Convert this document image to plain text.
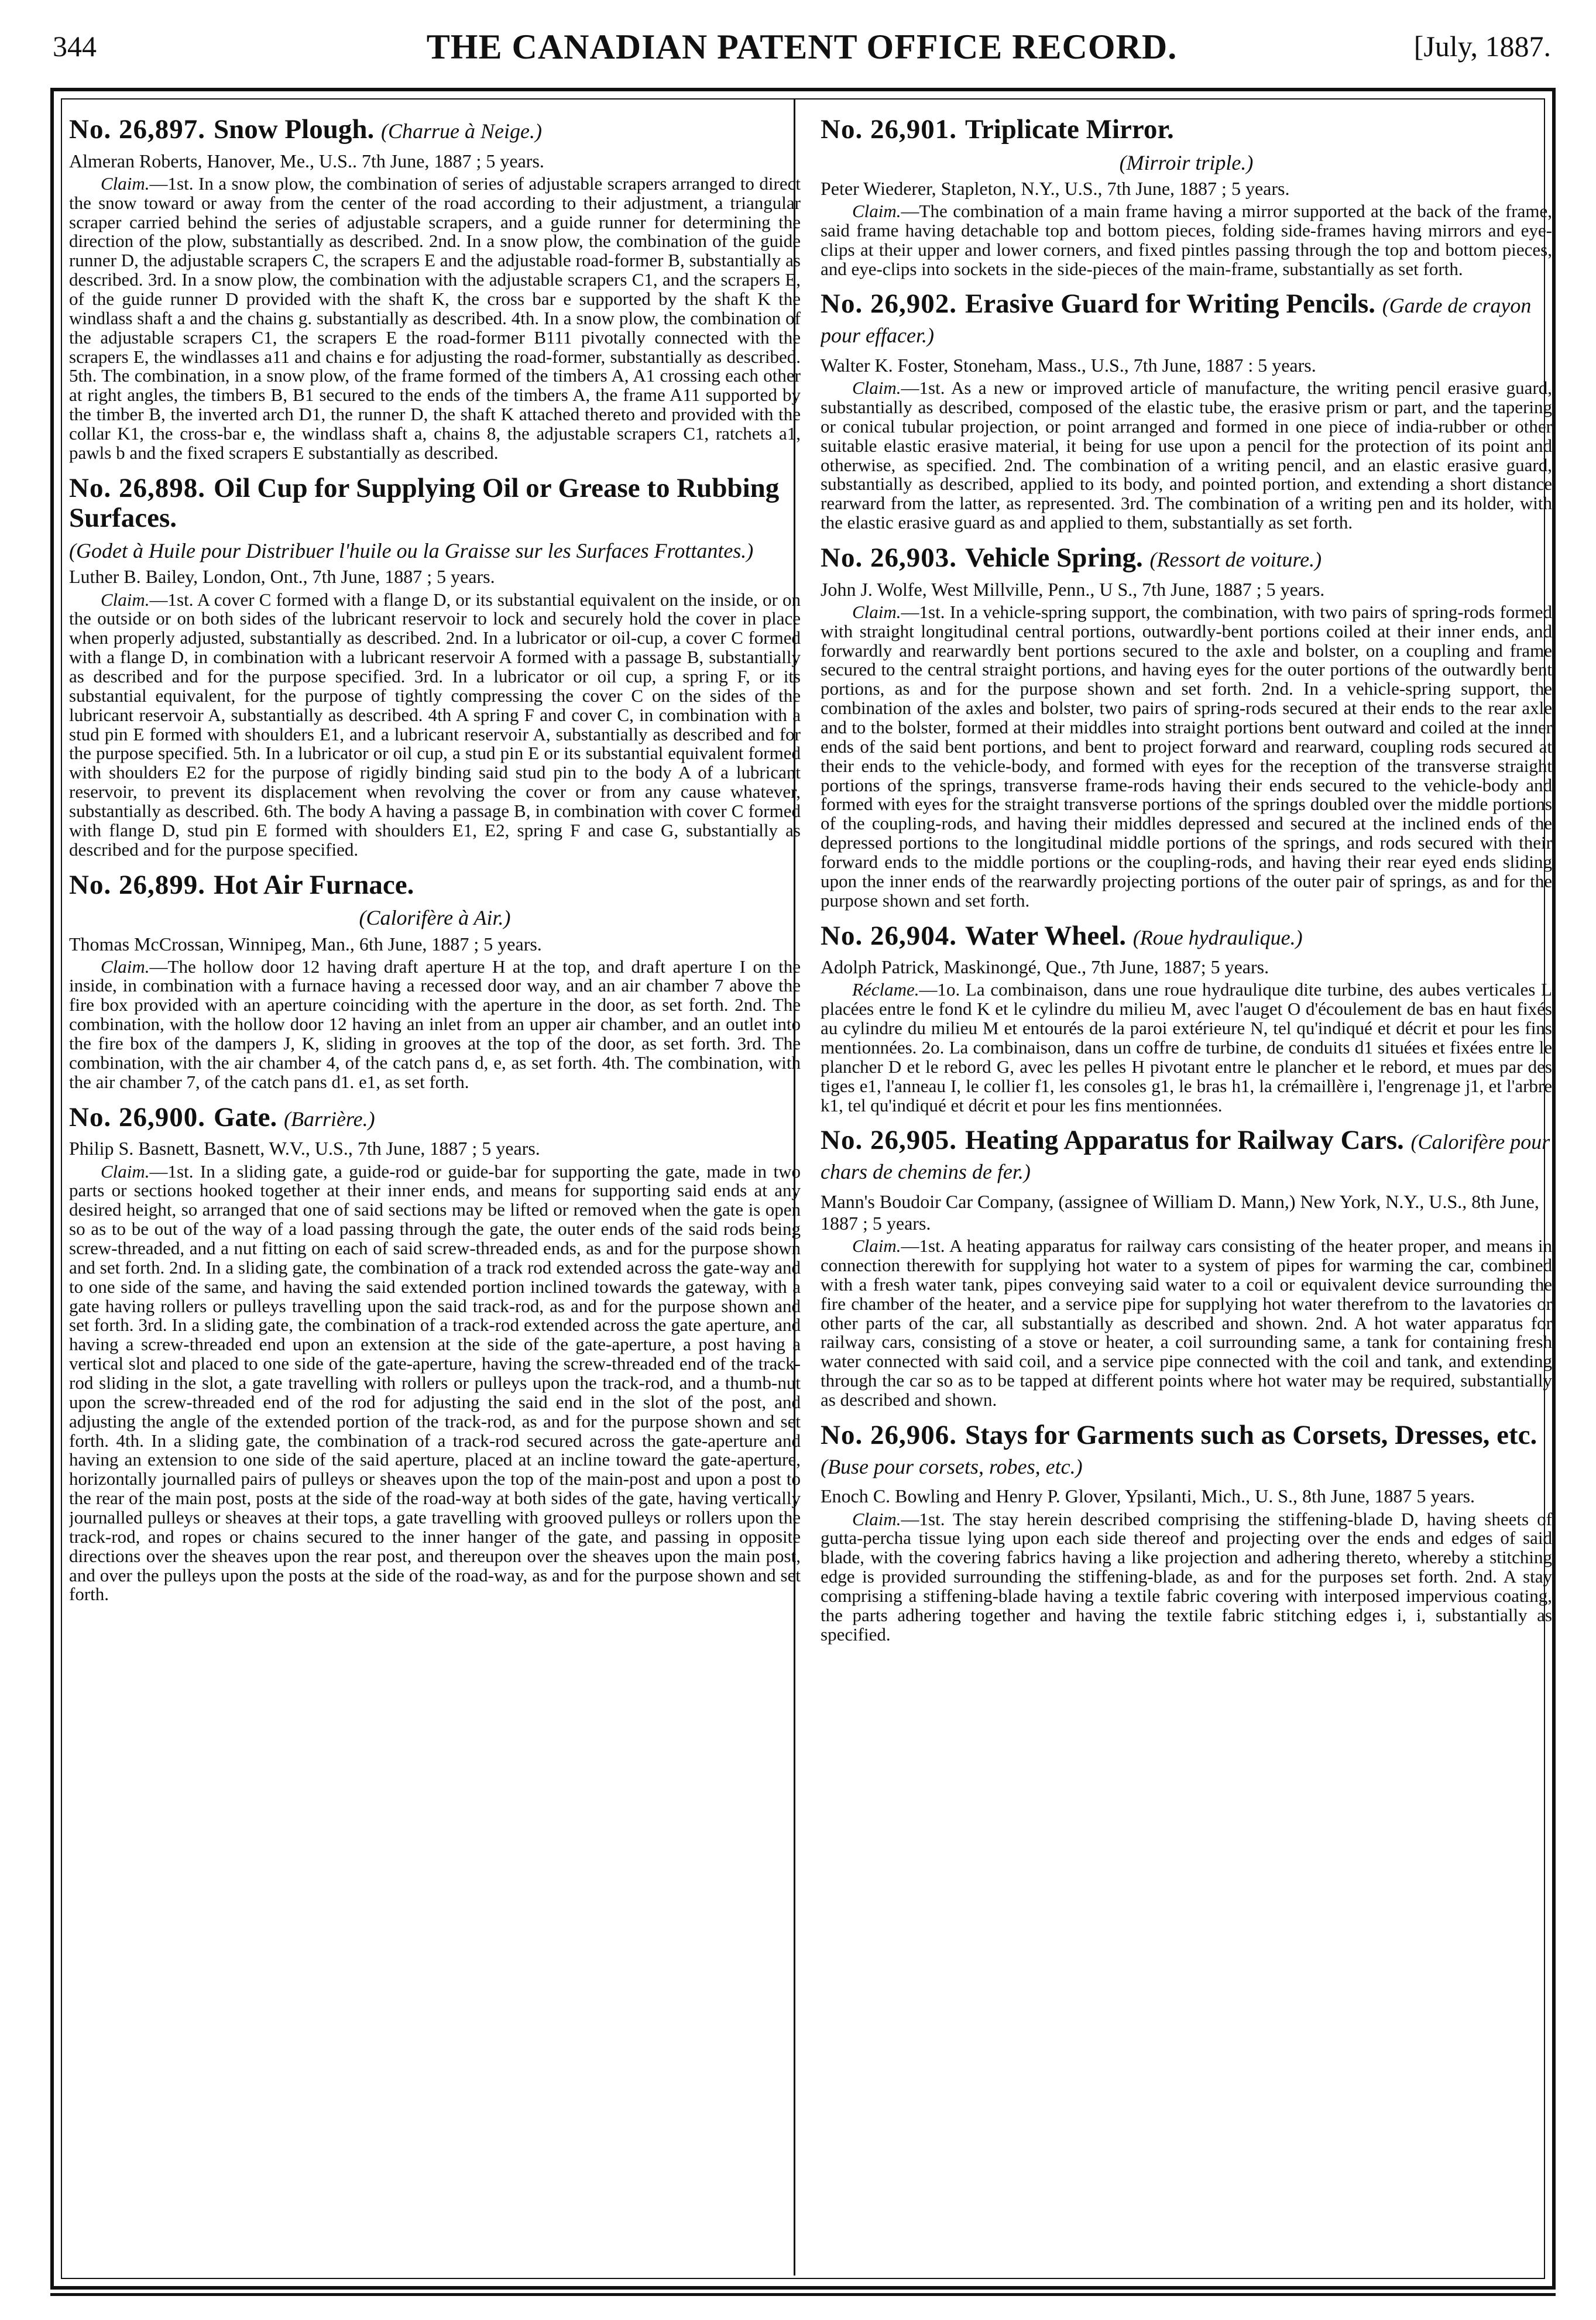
344	THE CANADIAN PATENT OFFICE RECORD.	[July, 1887.
No. 26,897. Snow Plough. (Charrue à Neige.)

Almeran Roberts, Hanover, Me., U.S.. 7th June, 1887 ; 5 years.

Claim.—1st. In a snow plow, the combination of series of adjustable scrapers arranged to direct the snow toward or away from the center of the road according to their adjustment, a triangular scraper carried behind the series of adjustable scrapers, and a guide runner for determining the direction of the plow, substantially as described. 2nd. In a snow plow, the combination of the guide runner D, the adjustable scrapers C, the scrapers E and the adjustable road-former B, substantially as described. 3rd. In a snow plow, the combination with the adjustable scrapers C1, and the scrapers E, of the guide runner D provided with the shaft K, the cross bar e supported by the shaft K the windlass shaft a and the chains g. substantially as described. 4th. In a snow plow, the combination of the adjustable scrapers C1, the scrapers E the road-former B111 pivotally connected with the scrapers E, the windlasses a11 and chains e for adjusting the road-former, substantially as described. 5th. The combination, in a snow plow, of the frame formed of the timbers A, A1 crossing each other at right angles, the timbers B, B1 secured to the ends of the timbers A, the frame A11 supported by the timber B, the inverted arch D1, the runner D, the shaft K attached thereto and provided with the collar K1, the cross-bar e, the windlass shaft a, chains 8, the adjustable scrapers C1, ratchets a1, pawls b and the fixed scrapers E substantially as described.

No. 26,898. Oil Cup for Supplying Oil or Grease to Rubbing Surfaces.

(Godet à Huile pour Distribuer l'huile ou la Graisse sur les Surfaces Frottantes.)

Luther B. Bailey, London, Ont., 7th June, 1887 ; 5 years.

Claim.—1st. A cover C formed with a flange D, or its substantial equivalent on the inside, or on the outside or on both sides of the lubricant reservoir to lock and securely hold the cover in place when properly adjusted, substantially as described. 2nd. In a lubricator or oil-cup, a cover C formed with a flange D, in combination with a lubricant reservoir A formed with a passage B, substantially as described and for the purpose specified. 3rd. In a lubricator or oil cup, a spring F, or its substantial equivalent, for the purpose of tightly compressing the cover C on the sides of the lubricant reservoir A, substantially as described. 4th A spring F and cover C, in combination with a stud pin E formed with shoulders E1, and a lubricant reservoir A, substantially as described and for the purpose specified. 5th. In a lubricator or oil cup, a stud pin E or its substantial equivalent formed with shoulders E2 for the purpose of rigidly binding said stud pin to the body A of a lubricant reservoir, to prevent its displacement when revolving the cover or from any cause whatever, substantially as described. 6th. The body A having a passage B, in combination with cover C formed with flange D, stud pin E formed with shoulders E1, E2, spring F and case G, substantially as described and for the purpose specified.

No. 26,899. Hot Air Furnace.

(Calorifère à Air.)

Thomas McCrossan, Winnipeg, Man., 6th June, 1887 ; 5 years.

Claim.—The hollow door 12 having draft aperture H at the top, and draft aperture I on the inside, in combination with a furnace having a recessed door way, and an air chamber 7 above the fire box provided with an aperture coinciding with the aperture in the door, as set forth. 2nd. The combination, with the hollow door 12 having an inlet from an upper air chamber, and an outlet into the fire box of the dampers J, K, sliding in grooves at the top of the door, as set forth. 3rd. The combination, with the air chamber 4, of the catch pans d, e, as set forth. 4th. The combination, with the air chamber 7, of the catch pans d1. e1, as set forth.

No. 26,900. Gate. (Barrière.)

Philip S. Basnett, Basnett, W.V., U.S., 7th June, 1887 ; 5 years.

Claim.—1st. In a sliding gate, a guide-rod or guide-bar for supporting the gate, made in two parts or sections hooked together at their inner ends, and means for supporting said ends at any desired height, so arranged that one of said sections may be lifted or removed when the gate is open so as to be out of the way of a load passing through the gate, the outer ends of the said rods being screw-threaded, and a nut fitting on each of said screw-threaded ends, as and for the purpose shown and set forth. 2nd. In a sliding gate, the combination of a track rod extended across the gate-way and to one side of the same, and having the said extended portion inclined towards the gateway, with a gate having rollers or pulleys travelling upon the said track-rod, as and for the purpose shown and set forth. 3rd. In a sliding gate, the combination of a track-rod extended across the gate aperture, and having a screw-threaded end upon an extension at the side of the gate-aperture, a post having a vertical slot and placed to one side of the gate-aperture, having the screw-threaded end of the track-rod sliding in the slot, a gate travelling with rollers or pulleys upon the track-rod, and a thumb-nut upon the screw-threaded end of the rod for adjusting the said end in the slot of the post, and adjusting the angle of the extended portion of the track-rod, as and for the purpose shown and set forth. 4th. In a sliding gate, the combination of a track-rod secured across the gate-aperture and having an extension to one side of the said aperture, placed at an incline toward the gate-aperture, horizontally journalled pairs of pulleys or sheaves upon the top of the main-post and upon a post to the rear of the main post, posts at the side of the road-way at both sides of the gate, having vertically journalled pulleys or sheaves at their tops, a gate travelling with grooved pulleys or rollers upon the track-rod, and ropes or chains secured to the inner hanger of the gate, and passing in opposite directions over the sheaves upon the rear post, and thereupon over the sheaves upon the main post, and over the pulleys upon the posts at the side of the road-way, as and for the purpose shown and set forth.

No. 26,901. Triplicate Mirror.

(Mirroir triple.)

Peter Wiederer, Stapleton, N.Y., U.S., 7th June, 1887 ; 5 years.

Claim.—The combination of a main frame having a mirror supported at the back of the frame, said frame having detachable top and bottom pieces, folding side-frames having mirrors and eye-clips at their upper and lower corners, and fixed pintles passing through the top and bottom pieces, and eye-clips into sockets in the side-pieces of the main-frame, substantially as set forth.

No. 26,902. Erasive Guard for Writing Pencils. (Garde de crayon pour effacer.)

Walter K. Foster, Stoneham, Mass., U.S., 7th June, 1887 : 5 years.

Claim.—1st. As a new or improved article of manufacture, the writing pencil erasive guard, substantially as described, composed of the elastic tube, the erasive prism or part, and the tapering or conical tubular projection, or point arranged and formed in one piece of india-rubber or other suitable elastic erasive material, it being for use upon a pencil for the protection of its point and otherwise, as specified. 2nd. The combination of a writing pencil, and an elastic erasive guard, substantially as described, applied to its body, and pointed portion, and extending a short distance rearward from the latter, as represented. 3rd. The combination of a writing pen and its holder, with the elastic erasive guard as and applied to them, substantially as set forth.

No. 26,903. Vehicle Spring. (Ressort de voiture.)

John J. Wolfe, West Millville, Penn., U S., 7th June, 1887 ; 5 years.

Claim.—1st. In a vehicle-spring support, the combination, with two pairs of spring-rods formed with straight longitudinal central portions, outwardly-bent portions coiled at their inner ends, and forwardly and rearwardly bent portions secured to the axle and bolster, on a coupling and frame secured to the central straight portions, and having eyes for the outer portions of the outwardly bent portions, as and for the purpose shown and set forth. 2nd. In a vehicle-spring support, the combination of the axles and bolster, two pairs of spring-rods secured at their ends to the rear axle and to the bolster, formed at their middles into straight portions bent outward and coiled at the inner ends of the said bent portions, and bent to project forward and rearward, coupling rods secured at their ends to the vehicle-body, and formed with eyes for the reception of the transverse straight portions of the springs, transverse frame-rods having their ends secured to the vehicle-body and formed with eyes for the straight transverse portions of the springs doubled over the middle portions of the coupling-rods, and having their middles depressed and secured at the inclined ends of the depressed portions to the longitudinal middle portions of the springs, and rods secured with their forward ends to the middle portions or the coupling-rods, and having their rear eyed ends sliding upon the inner ends of the rearwardly projecting portions of the outer pair of springs, as and for the purpose shown and set forth.

No. 26,904. Water Wheel. (Roue hydraulique.)

Adolph Patrick, Maskinongé, Que., 7th June, 1887; 5 years.

Réclame.—1o. La combinaison, dans une roue hydraulique dite turbine, des aubes verticales L placées entre le fond K et le cylindre du milieu M, avec l'auget O d'écoulement de bas en haut fixés au cylindre du milieu M et entourés de la paroi extérieure N, tel qu'indiqué et décrit et pour les fins mentionnées. 2o. La combinaison, dans un coffre de turbine, de conduits d1 situées et fixées entre le plancher D et le rebord G, avec les pelles H pivotant entre le plancher et le rebord, et mues par des tiges e1, l'anneau I, le collier f1, les consoles g1, le bras h1, la crémaillère i, l'engrenage j1, et l'arbre k1, tel qu'indiqué et décrit et pour les fins mentionnées.

No. 26,905. Heating Apparatus for Railway Cars. (Calorifère pour chars de chemins de fer.)

Mann's Boudoir Car Company, (assignee of William D. Mann,) New York, N.Y., U.S., 8th June, 1887 ; 5 years.

Claim.—1st. A heating apparatus for railway cars consisting of the heater proper, and means in connection therewith for supplying hot water to a system of pipes for warming the car, combined with a fresh water tank, pipes conveying said water to a coil or equivalent device surrounding the fire chamber of the heater, and a service pipe for supplying hot water therefrom to the lavatories or other parts of the car, all substantially as described and shown. 2nd. A hot water apparatus for railway cars, consisting of a stove or heater, a coil surrounding same, a tank for containing fresh water connected with said coil, and a service pipe connected with the coil and tank, and extending through the car so as to be tapped at different points where hot water may be required, substantially as described and shown.

No. 26,906. Stays for Garments such as Corsets, Dresses, etc. (Buse pour corsets, robes, etc.)

Enoch C. Bowling and Henry P. Glover, Ypsilanti, Mich., U. S., 8th June, 1887 5 years.

Claim.—1st. The stay herein described comprising the stiffening-blade D, having sheets of gutta-percha tissue lying upon each side thereof and projecting over the ends and edges of said blade, with the covering fabrics having a like projection and adhering thereto, whereby a stitching edge is provided surrounding the stiffening-blade, as and for the purposes set forth. 2nd. A stay comprising a stiffening-blade having a textile fabric covering with interposed impervious coating, the parts adhering together and having the textile fabric stitching edges i, i, substantially as specified.
